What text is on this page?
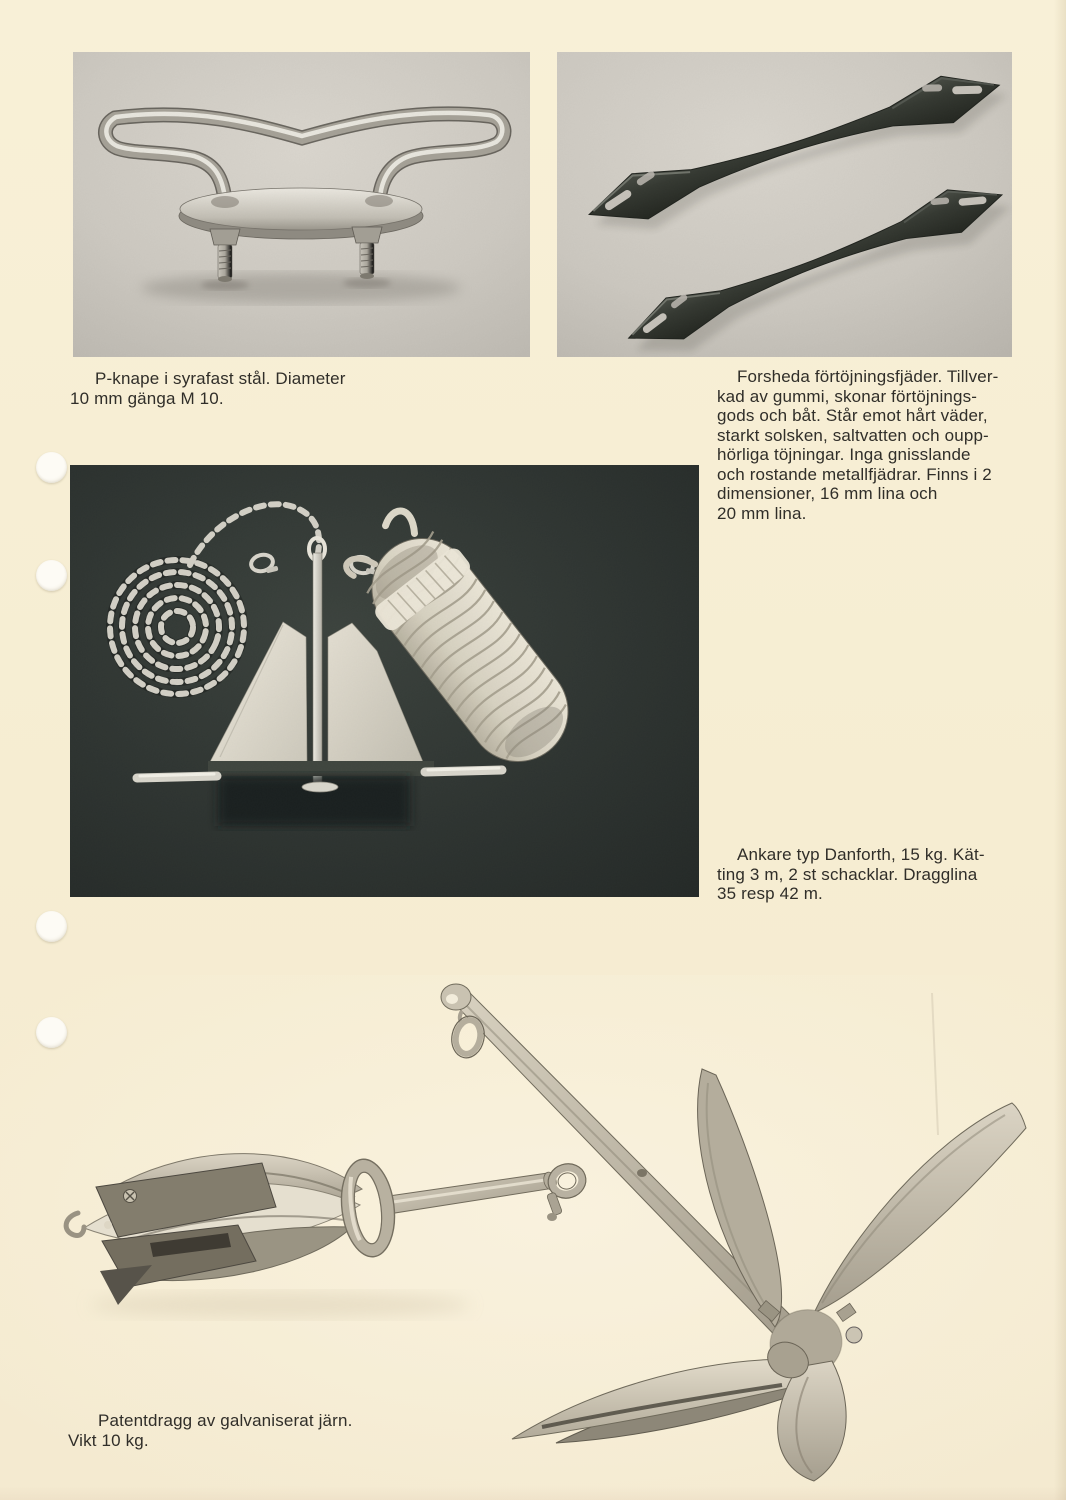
P-knape i syrafast stål. Diameter
10 mm gänga M 10.
Forsheda förtöjningsfjäder. Tillver-
kad av gummi, skonar förtöjnings-
gods och båt. Står emot hårt väder,
starkt solsken, saltvatten och oupp-
hörliga töjningar. Inga gnisslande
och rostande metallfjädrar. Finns i 2
dimensioner, 16 mm lina och
20 mm lina.
Ankare typ Danforth, 15 kg. Kät-
ting 3 m, 2 st schacklar. Dragglina
35 resp 42 m.
Patentdragg av galvaniserat järn.
Vikt 10 kg.
